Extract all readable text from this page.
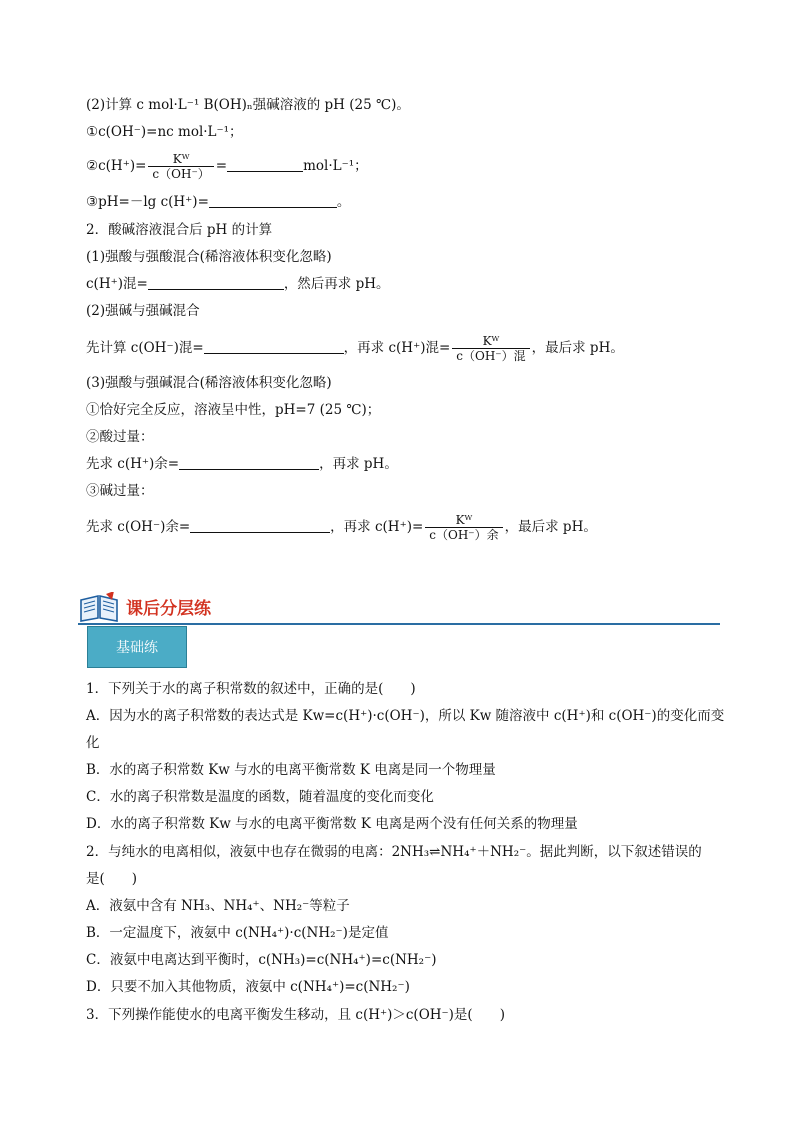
(2)计算 c mol·L⁻¹ B(OH)ₙ强碱溶液的 pH (25 ℃)。
①c(OH⁻)=nc mol·L⁻¹；
②c(H⁺)= $\frac{\text{Kᵂ}}{c(OH^-)}$ =	mol·L⁻¹；
③pH=－lg c(H⁺)=	。
2．酸碱溶液混合后 pH 的计算
(1)强酸与强酸混合(稀溶液体积变化忽略)
c(H⁺)混=	，然后再求 pH。
(2)强碱与强碱混合
先计算 c(OH⁻)混=	，再求 c(H⁺)混= $\frac{\text{Kᵂ}}{\text{c（OH⁻）混}}$ ，最后求 pH。
(3)强酸与强碱混合(稀溶液体积变化忽略)
①恰好完全反应，溶液呈中性，pH=7 (25 ℃)；
②酸过量：
先求 c(H⁺)余=	，再求 pH。
③碱过量：
先求 c(OH⁻)余=	，再求 $c(H^+)= \frac{\text{Kᵂ}}{\text{c（OH⁻）余}}$ ，最后求 pH。
课后分层练
基础练
1．下列关于水的离子积常数的叙述中，正确的是(　　)
A．因为水的离子积常数的表达式是 Kw=c(H⁺)·c(OH⁻)，所以 Kw 随溶液中 c(H⁺)和 c(OH⁻)的变化而变
化
B．水的离子积常数 Kw 与水的电离平衡常数 K 电离是同一个物理量
C．水的离子积常数是温度的函数，随着温度的变化而变化
D．水的离子积常数 Kw 与水的电离平衡常数 K 电离是两个没有任何关系的物理量
2．与纯水的电离相似，液氨中也存在微弱的电离：2NH₃⇌NH₄⁺＋NH₂⁻。据此判断，以下叙述错误的
是(　　)
A．液氨中含有 NH₃、NH₄⁺、NH₂⁻等粒子
B．一定温度下，液氨中 c(NH₄⁺)·c(NH₂⁻)是定值
C．液氨中电离达到平衡时，c(NH₃)=c(NH₄⁺)=c(NH₂⁻)
D．只要不加入其他物质，液氨中 c(NH₄⁺)=c(NH₂⁻)
3．下列操作能使水的电离平衡发生移动，且 c(H⁺)＞c(OH⁻)是(　　)
